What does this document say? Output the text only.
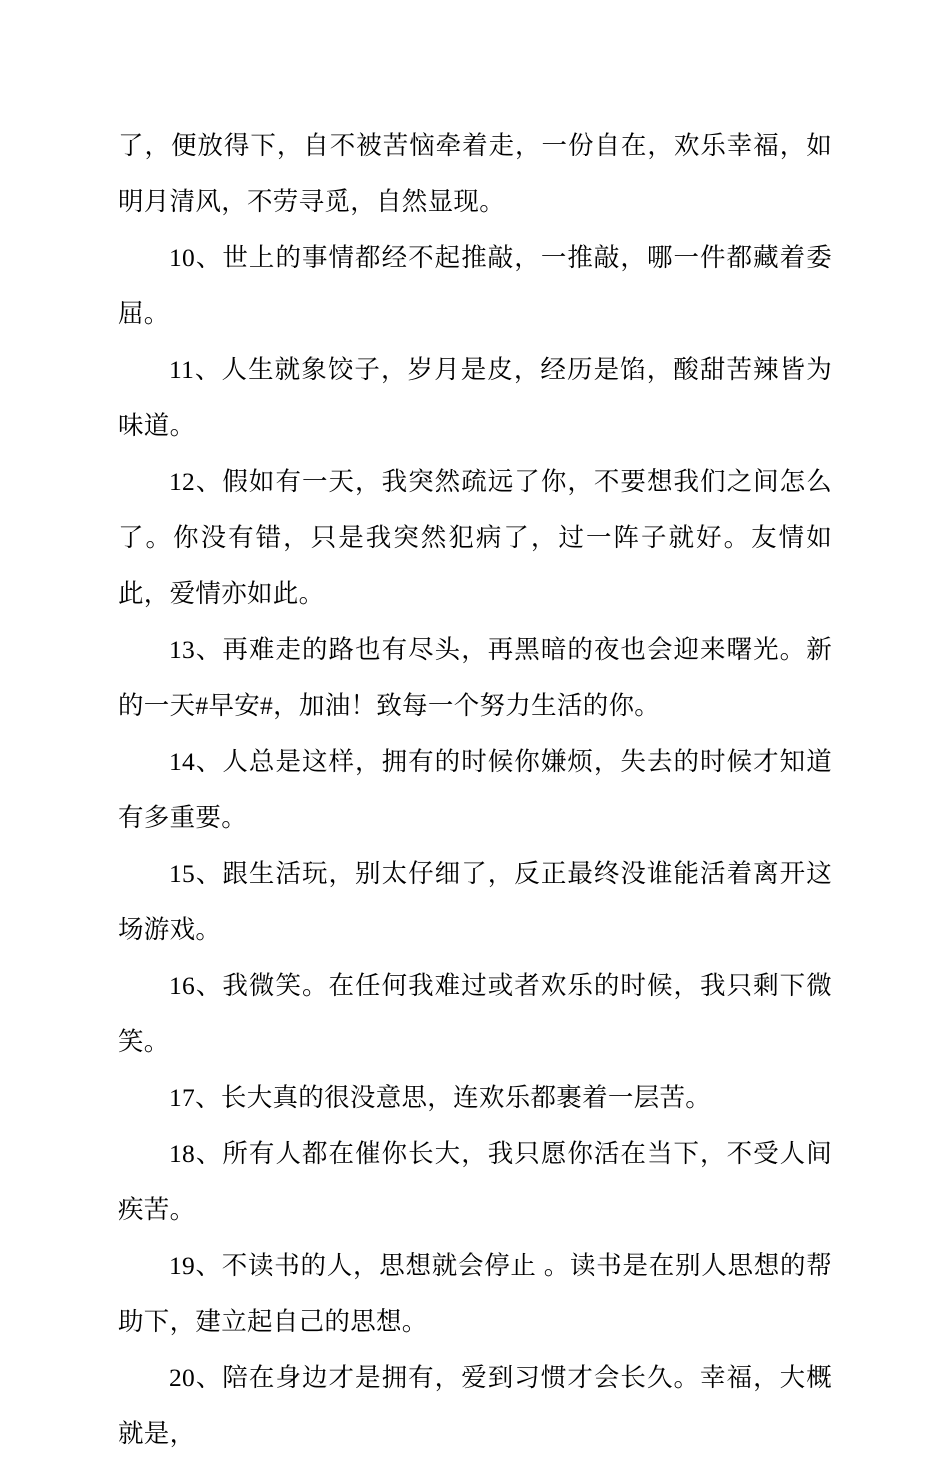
了，便放得下，自不被苦恼牵着走，一份自在，欢乐幸福，如明月清风，不劳寻觅，自然显现。

10、世上的事情都经不起推敲，一推敲，哪一件都藏着委屈。

11、人生就象饺子，岁月是皮，经历是馅，酸甜苦辣皆为味道。

12、假如有一天，我突然疏远了你，不要想我们之间怎么了。你没有错，只是我突然犯病了，过一阵子就好。友情如此，爱情亦如此。

13、再难走的路也有尽头，再黑暗的夜也会迎来曙光。新的一天#早安#，加油！致每一个努力生活的你。

14、人总是这样，拥有的时候你嫌烦，失去的时候才知道有多重要。

15、跟生活玩，别太仔细了，反正最终没谁能活着离开这场游戏。

16、我微笑。在任何我难过或者欢乐的时候，我只剩下微笑。

17、长大真的很没意思，连欢乐都裹着一层苦。

18、所有人都在催你长大，我只愿你活在当下，不受人间疾苦。

19、不读书的人，思想就会停止 。读书是在别人思想的帮助下，建立起自己的思想。

20、陪在身边才是拥有，爱到习惯才会长久。幸福，大概就是，
